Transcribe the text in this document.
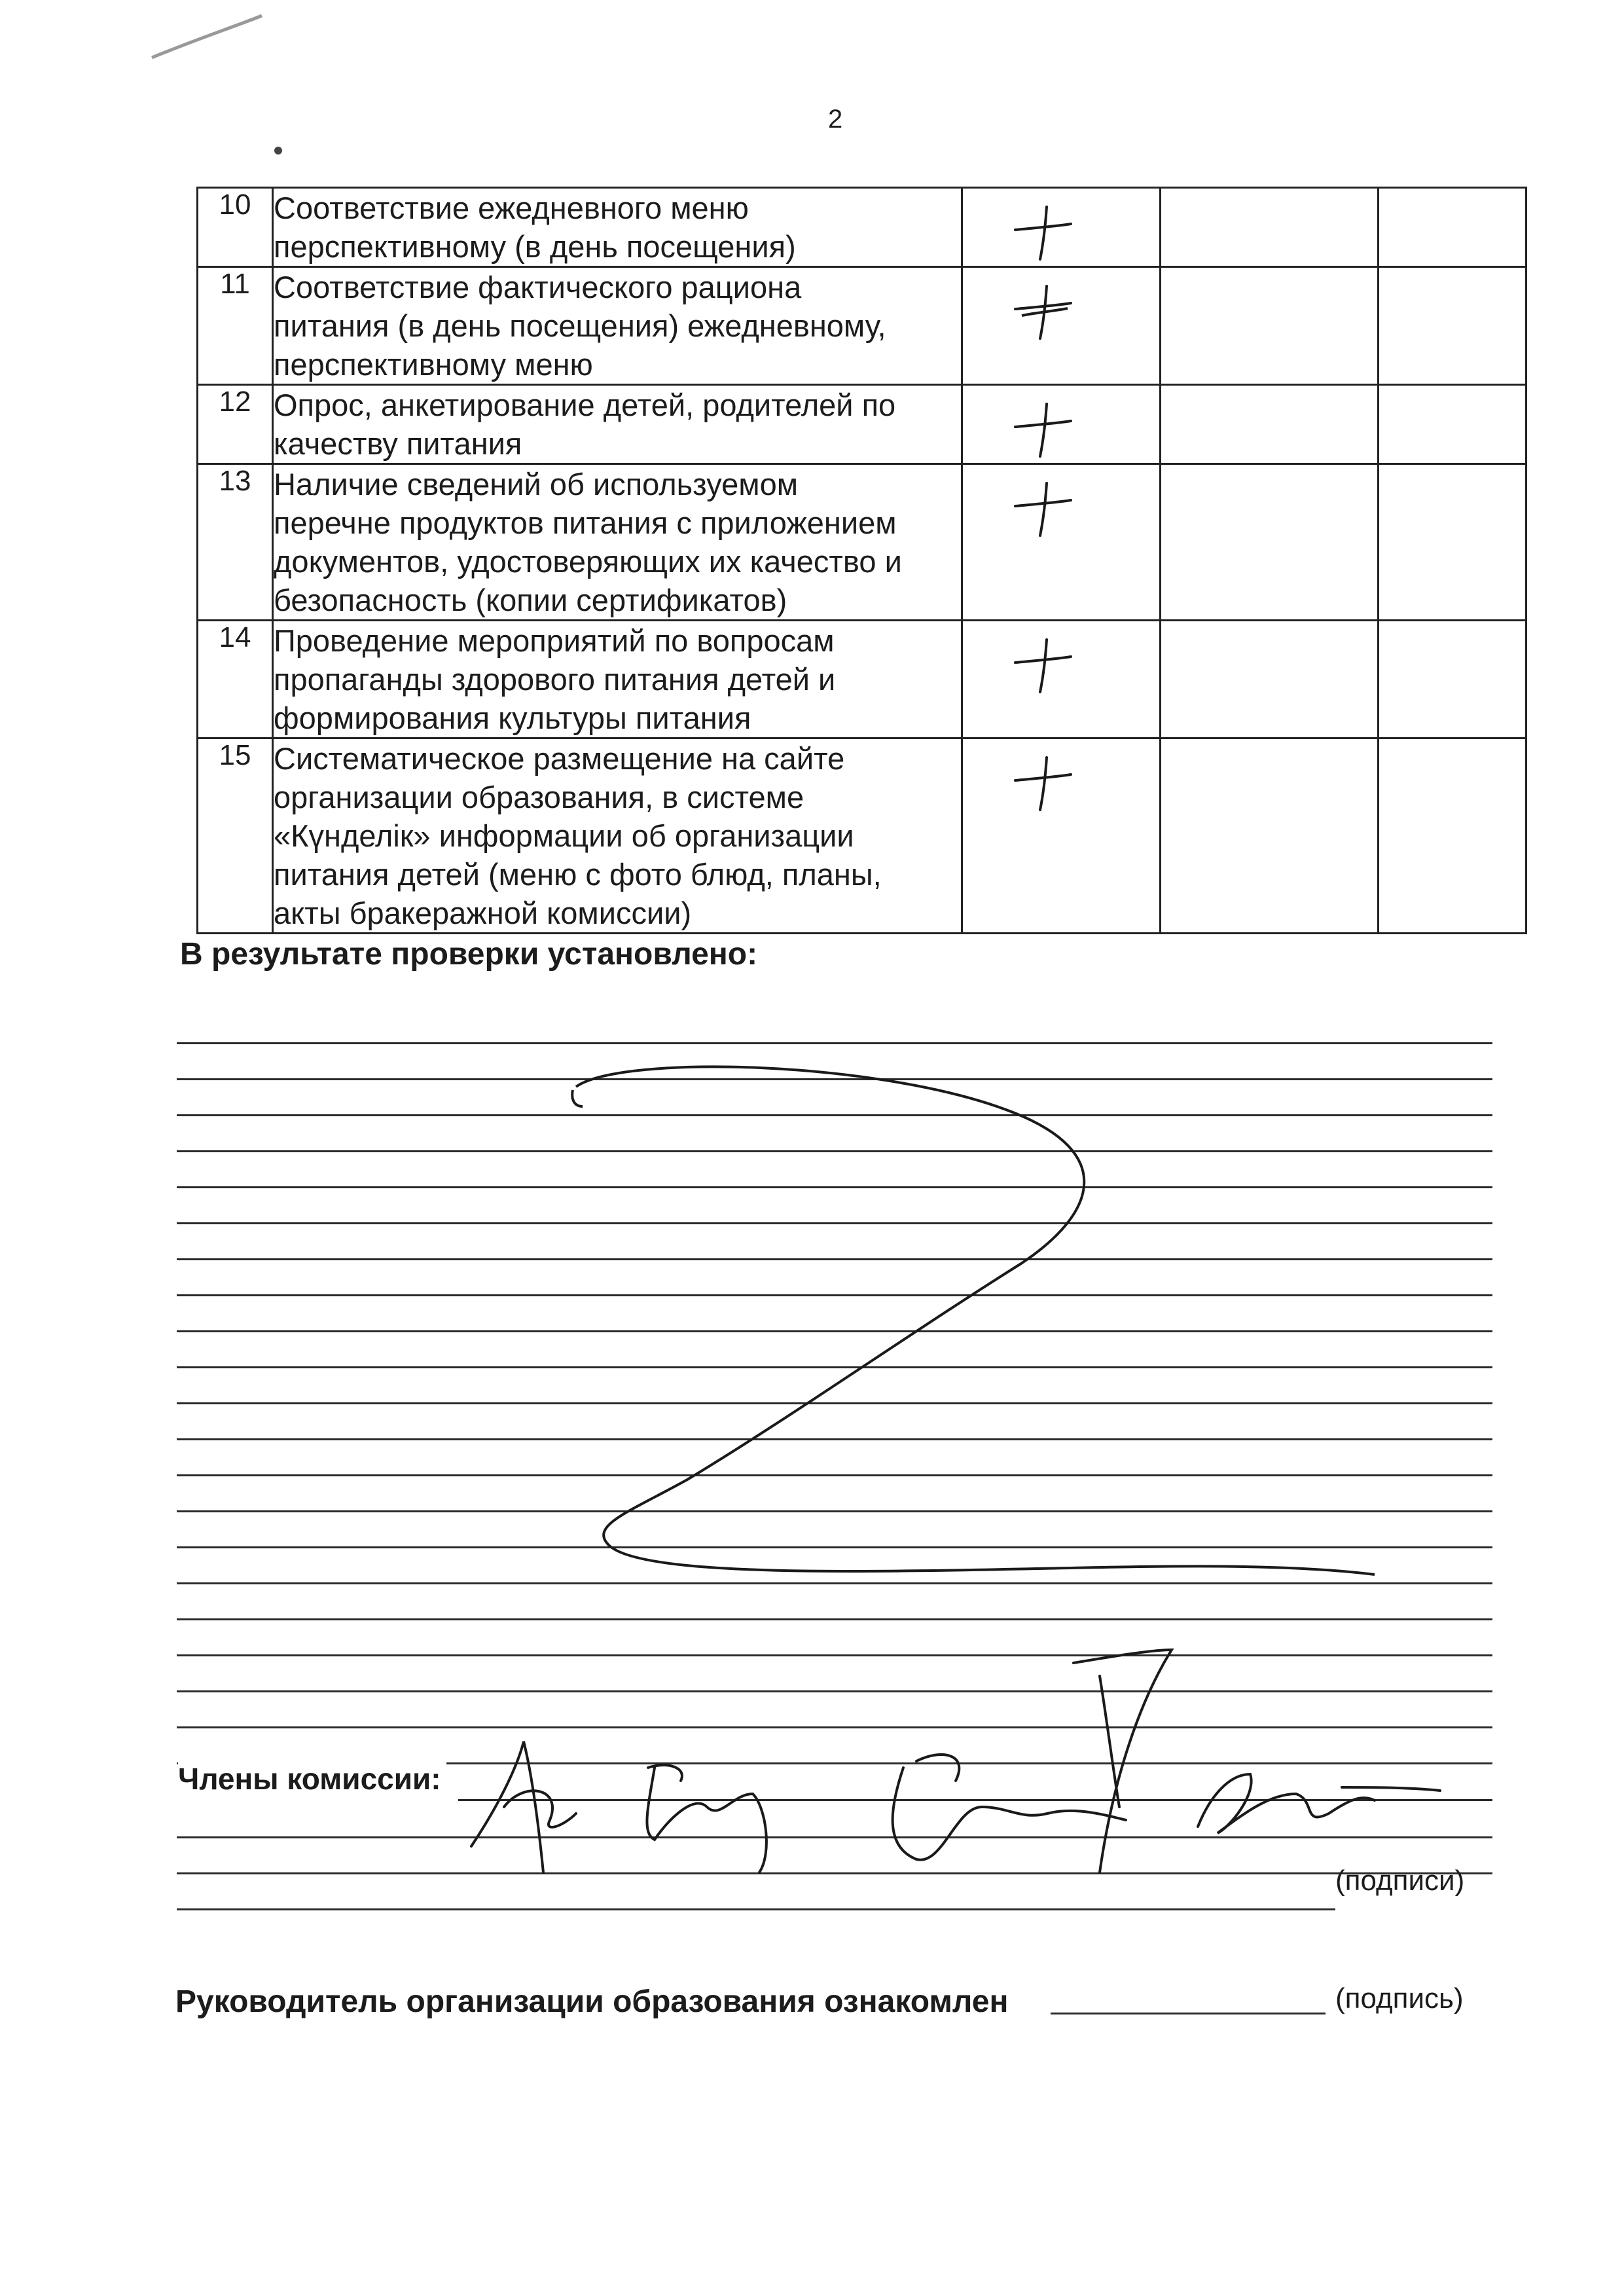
2
10	Соответствие ежедневного меню
перспективному (в день посещения)

11	Соответствие фактического рациона
питания (в день посещения) ежедневному,
перспективному меню

12	Опрос, анкетирование детей, родителей по
качеству питания

13	Наличие сведений об используемом
перечне продуктов питания с приложением
документов, удостоверяющих их качество и
безопасность (копии сертификатов)

14	Проведение мероприятий по вопросам
пропаганды здорового питания детей и
формирования культуры питания

15	Систематическое размещение на сайте
организации образования, в системе
«Күнделік» информации об организации
питания детей (меню с фото блюд, планы,
акты бракеражной комиссии)

В результате проверки установлено:
Члены комиссии:
(подписи)
Руководитель организации образования ознакомлен	(подпись)
